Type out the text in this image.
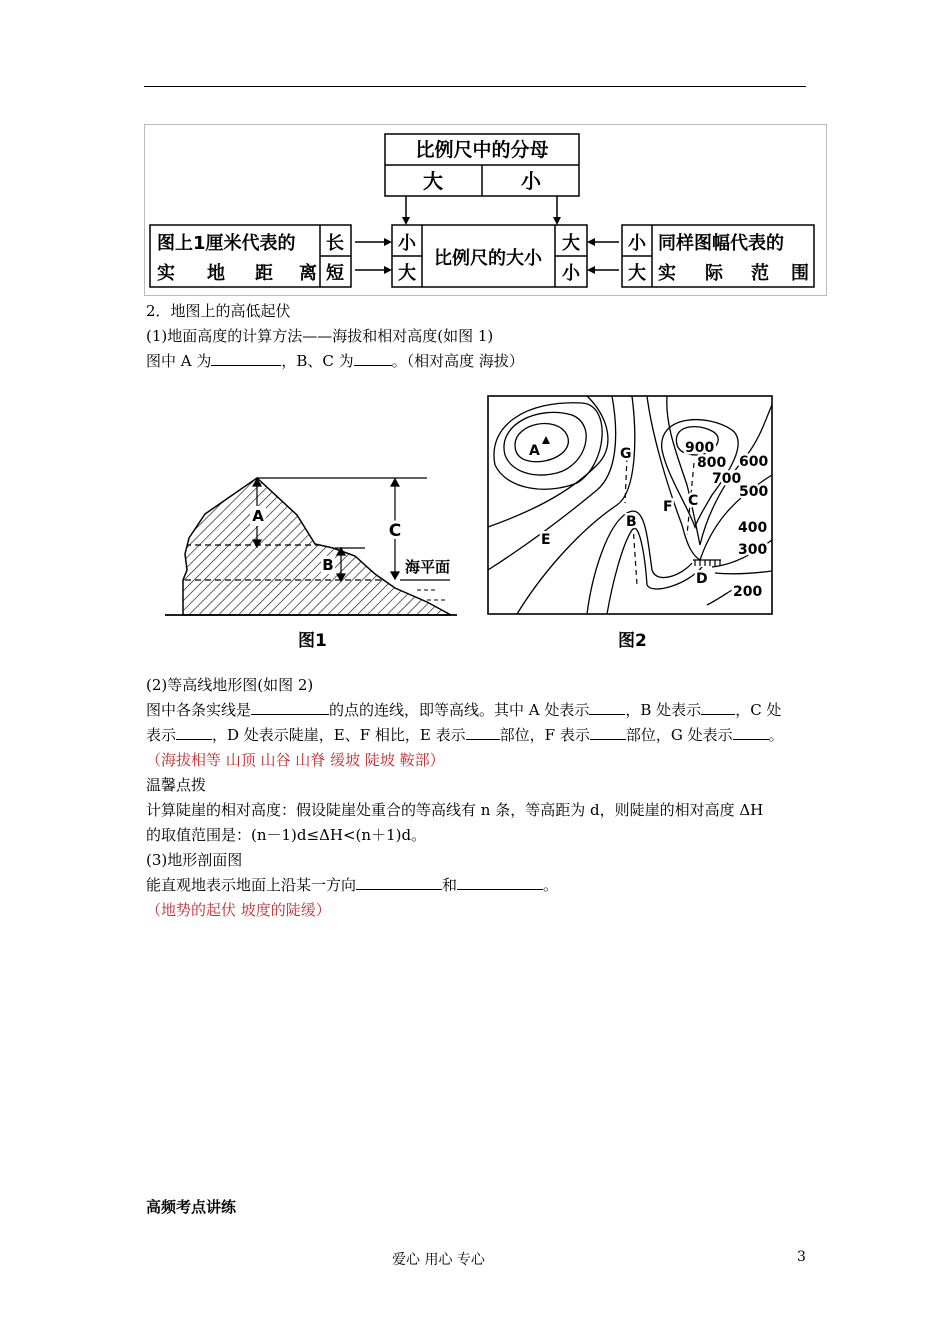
比例尺中的分母
大	小
图上1厘米代表的
实 地 距 离
长
短
小
大
比例尺的大小
大
小
小
大
同样图幅代表的
实 际 范 围
2．地图上的高低起伏
(1)地面高度的计算方法——海拔和相对高度(如图 1)
图中 A 为	，B、C 为	。（相对高度 海拔）
A
B
C
海平面
图1
A	G	900
800
700
600
500
F C
B
E
400
300
D
200
图2
(2)等高线地形图(如图 2)
图中各条实线是	的点的连线，即等高线。其中 A 处表示 ，B 处表示 ，C 处
表示 ，D 处表示陡崖，E、F 相比，E 表示 部位，F 表示 部位，G 处表示 。
（海拔相等 山顶 山谷 山脊 缓坡 陡坡 鞍部）
温馨点拨
计算陡崖的相对高度：假设陡崖处重合的等高线有 n 条，等高距为 d，则陡崖的相对高度 ΔH
的取值范围是：(n－1)d≤ΔH<(n＋1)d。
(3)地形剖面图
能直观地表示地面上沿某一方向	和	。
（地势的起伏 坡度的陡缓）
高频考点讲练
爱心 用心 专心	3
